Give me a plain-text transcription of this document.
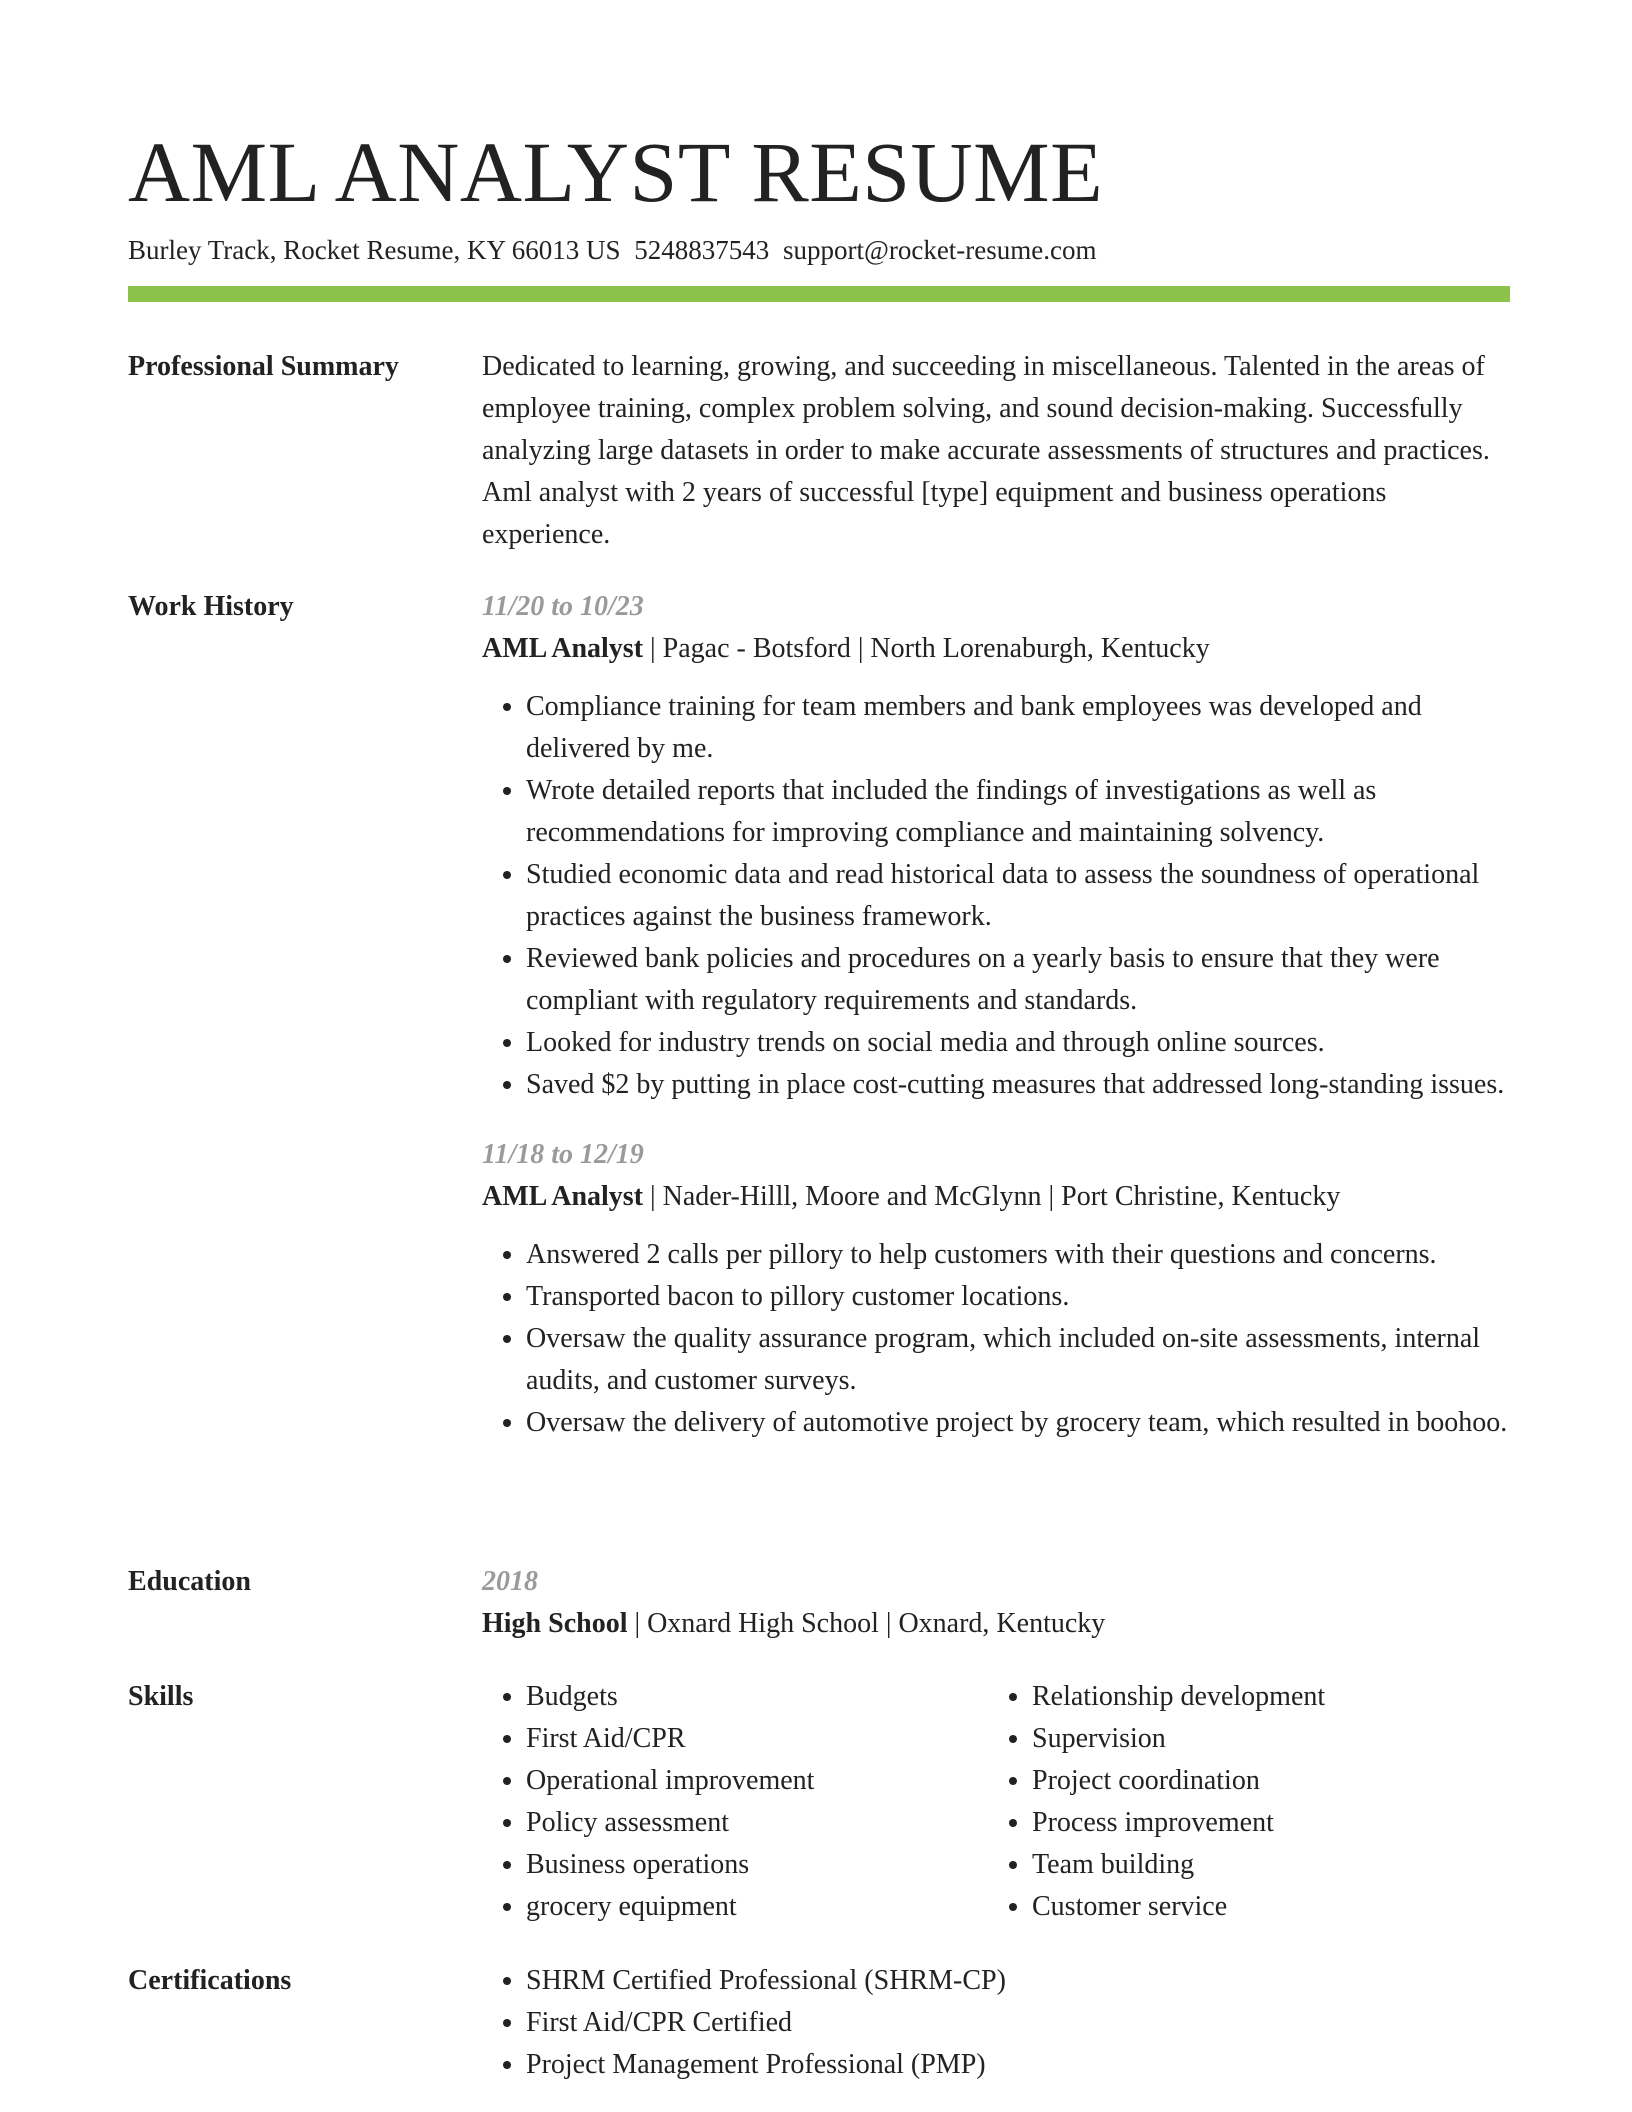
AML ANALYST RESUME
Burley Track, Rocket Resume, KY 66013 US 5248837543 support@rocket-resume.com
Professional Summary	Dedicated to learning, growing, and succeeding in miscellaneous. Talented in the areas of employee training, complex problem solving, and sound decision-making. Successfully analyzing large datasets in order to make accurate assessments of structures and practices. Aml analyst with 2 years of successful [type] equipment and business operations experience.
Work History	11/20 to 10/23
AML Analyst | Pagac - Botsford | North Lorenaburgh, Kentucky
• Compliance training for team members and bank employees was developed and delivered by me.
• Wrote detailed reports that included the findings of investigations as well as recommendations for improving compliance and maintaining solvency.
• Studied economic data and read historical data to assess the soundness of operational practices against the business framework.
• Reviewed bank policies and procedures on a yearly basis to ensure that they were compliant with regulatory requirements and standards.
• Looked for industry trends on social media and through online sources.
• Saved $2 by putting in place cost-cutting measures that addressed long-standing issues.
11/18 to 12/19
AML Analyst | Nader-Hilll, Moore and McGlynn | Port Christine, Kentucky
• Answered 2 calls per pillory to help customers with their questions and concerns.
• Transported bacon to pillory customer locations.
• Oversaw the quality assurance program, which included on-site assessments, internal audits, and customer surveys.
• Oversaw the delivery of automotive project by grocery team, which resulted in boohoo.
Education	2018
High School | Oxnard High School | Oxnard, Kentucky
Skills	• Budgets
• First Aid/CPR
• Operational improvement
• Policy assessment
• Business operations
• grocery equipment
• Relationship development
• Supervision
• Project coordination
• Process improvement
• Team building
• Customer service
Certifications	• SHRM Certified Professional (SHRM-CP)
• First Aid/CPR Certified
• Project Management Professional (PMP)
